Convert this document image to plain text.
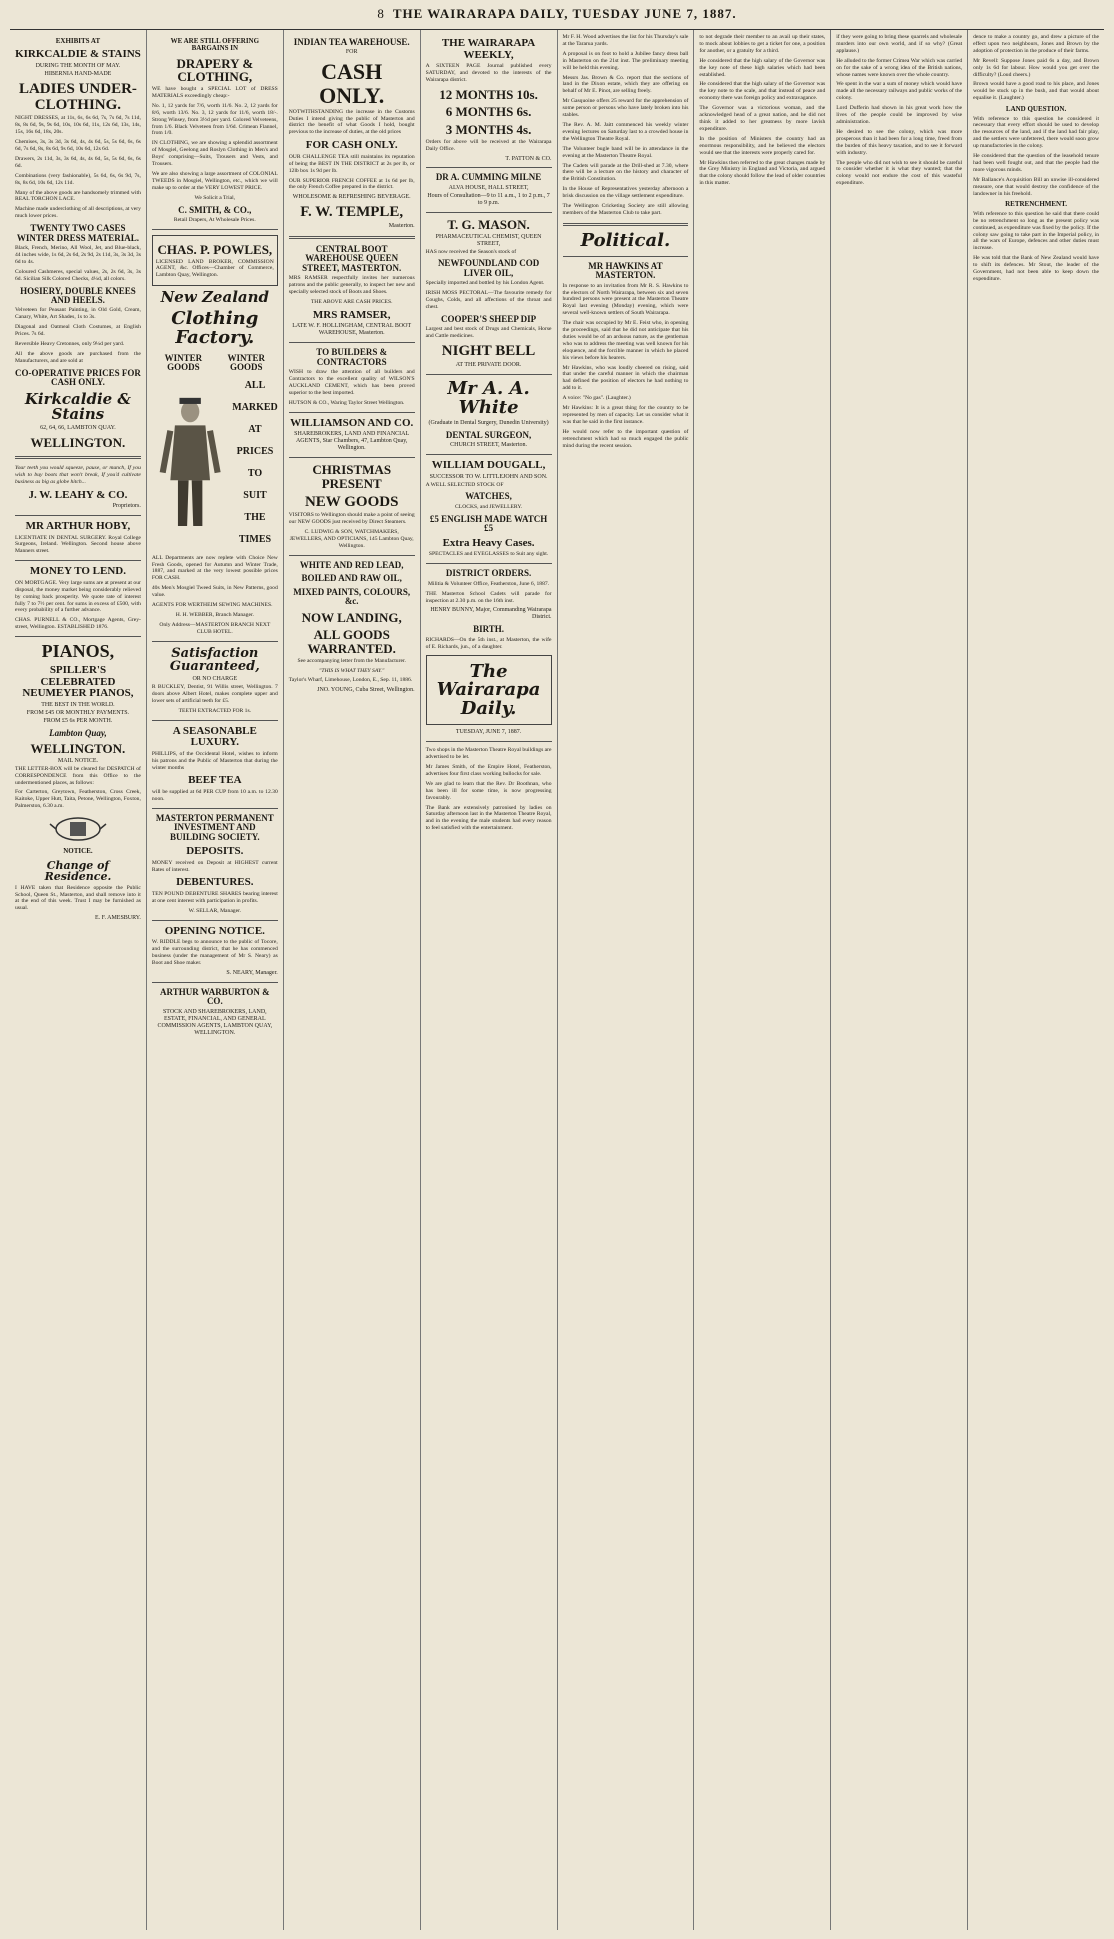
8 THE WAIRARAPA DAILY, TUESDAY JUNE 7, 1887.
EXHIBITS AT
KIRKCALDIE & STAINS
DURING THE MONTH OF MAY.
HIBERNIA HAND-MADE
LADIES UNDER-CLOTHING.

NIGHT DRESSES, at 11s, 6s, 6s 6d, 7s, 7s 6d, 7s 11d, 8s, 8s 6d, 9s, 9s 6d, 10s, 10s 6d, 11s, 12s 6d, 13s, 14s, 15s, 16s 6d, 18s, 20s.

Chemises, 3s, 3s 3d, 3s 6d, 4s, 4s 6d, 5s, 5s 6d, 6s, 6s 6d, 7s 6d, 8s, 8s 6d, 9s 6d, 10s 6d, 12s 6d.

Drawers, 2s 11d, 3s, 3s 6d, 4s, 4s 6d, 5s, 5s 6d, 6s, 6s 6d.

Combinations (very fashionable), 5s 6d, 6s, 6s 9d, 7s, 8s, 8s 6d, 10s 6d, 12s 11d.

Many of the above goods are handsomely trimmed with REAL TORCHON LACE.

Machine made underclothing of all descriptions, at very much lower prices.

TWENTY TWO CASES WINTER DRESS MATERIAL.

Black, French, Merino, All Wool, Jet, and Blue-black, 44 inches wide, 1s 6d, 2s 6d, 2s 9d, 2s 11d, 3s, 3s 3d, 3s 6d to 4s.

Coloured Cashmeres, special values, 2s, 2s 6d, 3s, 3s 6d. Sicilian Silk Colored Checks, 4¼d, all colors.

HOSIERY, DOUBLE KNEES AND HEELS.

Velveteen for Peasant Painting, in Old Gold, Cream, Canary, White, Art Shades, 1s to 3s.

Diagonal and Oatmeal Cloth Costumes, at English Prices. 7s 6d.

Reversible Heavy Cretonnes, only 9¼d per yard.

All the above goods are purchased from the Manufacturers, and are sold at

CO-OPERATIVE PRICES FOR CASH ONLY.
Kirkcaldie & Stains
62, 64, 66, LAMBTON QUAY.
WELLINGTON.

Your teeth you would squeeze, pause, or munch, If you wish to buy boots that won't break, If you'd cultivate business as big as globe hitch...

J. W. LEAHY & CO.
Proprietors.
MR ARTHUR HOBY,

LICENTIATE IN DENTAL SURGERY. Royal College Surgeons, Ireland. Wellington. Second house above Manners street.

MONEY TO LEND.

ON MORTGAGE. Very large sums are at present at our disposal, the money market being considerably relieved by coming back prosperity. We quote rate of interest fully 7 to 7½ per cent. for sums in excess of £500, with every probability of a further advance.

CHAS. PURNELL & CO., Mortgage Agents, Grey-street, Wellington. ESTABLISHED 1876.

PIANOS,
SPILLER'S CELEBRATED NEUMEYER PIANOS,
THE BEST IN THE WORLD.
FROM £45 OR MONTHLY PAYMENTS.
FROM £5 6s PER MONTH.
Lambton Quay,
WELLINGTON.
MAIL NOTICE.

THE LETTER-BOX will be cleared for DESPATCH of CORRESPONDENCE from this Office to the undermentioned places, as follows:

For Carterton, Greytown, Featherston, Cross Creek, Kaitoke, Upper Hutt, Taita, Petone, Wellington, Foxton, Palmerston, 6.30 a.m.

NOTICE.
Change of Residence.

I HAVE taken that Residence opposite the Public School, Queen St., Masterton, and shall remove into it at the end of this week. Trust I may be furnished as usual.

E. F. AMESBURY.
WE ARE STILL OFFERING BARGAINS IN
DRAPERY & CLOTHING,

WE have bought a SPECIAL LOT of DRESS MATERIALS exceedingly cheap:-

No. 1, 12 yards for 7/6, worth 11/6. No. 2, 12 yards for 8/6, worth 13/6. No. 3, 12 yards for 11/6, worth 18/-. Strong Winsey, from 3½d per yard. Colored Velveteens, from 1/6. Black Velveteen from 1/6d. Crimean Flannel, from 1/0.

IN CLOTHING, we are showing a splendid assortment of Mosgiel, Geelong and Roslyn Clothing in Men's and Boys' comprising—Suits, Trousers and Vests, and Trousers.

We are also showing a large assortment of COLONIAL TWEEDS in Mosgiel, Wellington, etc., which we will make up to order at the VERY LOWEST PRICE.

We Solicit a Trial,
C. SMITH, & CO.,
Retail Drapers, At Wholesale Prices.
CHAS. P. POWLES,

LICENSED LAND BROKER, COMMISSION AGENT, &c. Offices—Chamber of Commerce, Lambton Quay, Wellington.

New Zealand
Clothing Factory.
WINTER GOODS
WINTER GOODS
ALL
MARKED
AT
PRICES
TO
SUIT THE
TIMES

ALL Departments are now replete with Choice New Fresh Goods, opened for Autumn and Winter Trade, 1887, and marked at the very lowest possible prices FOR CASH.

40s Men's Mosgiel Tweed Suits, in New Patterns, good value.

AGENTS FOR WERTHEIM SEWING MACHINES.

H. H. WEBBER, Branch Manager.

Only Address—MASTERTON BRANCH NEXT CLUB HOTEL.

Satisfaction Guaranteed,
OR NO CHARGE

R BUCKLEY, Dentist, 91 Willis street, Wellington. 7 doors above Albert Hotel, makes complete upper and lower sets of artificial teeth for £5.

TEETH EXTRACTED FOR 1s.

A SEASONABLE LUXURY.

PHILLIPS, of the Occidental Hotel, wishes to inform his patrons and the Public of Masterton that during the winter months

BEEF TEA

will be supplied at 6d PER CUP from 10 a.m. to 12.30 noon.

MASTERTON PERMANENT INVESTMENT AND BUILDING SOCIETY.
DEPOSITS.

MONEY received on Deposit at HIGHEST current Rates of interest.

DEBENTURES.

TEN POUND DEBENTURE SHARES bearing interest at one cent interest with participation in profits.

W. SELLAR, Manager.

OPENING NOTICE.

W. RIDDLE begs to announce to the public of Tocore, and the surrounding district, that he has commenced business (under the management of Mr S. Neary) as Boot and Shoe maker.

S. NEARY, Manager.

ARTHUR WARBURTON & CO.
STOCK AND SHAREBROKERS, LAND, ESTATE, FINANCIAL, AND GENERAL COMMISSION AGENTS, LAMBTON QUAY, WELLINGTON.
INDIAN TEA WAREHOUSE.
FOR
CASH ONLY.

NOTWITHSTANDING the increase in the Customs Duties I intend giving the public of Masterton and district the benefit of what Goods I hold, bought previous to the increase of duties, at the old prices

FOR CASH ONLY.

OUR CHALLENGE TEA still maintains its reputation of being the BEST IN THE DISTRICT at 2s per lb, or 12lb box 1s 9d per lb.

OUR SUPERIOR FRENCH COFFEE at 1s 6d per lb, the only French Coffee prepared in the district.

WHOLESOME & REFRESHING BEVERAGE.
F. W. TEMPLE,
Masterton.
CENTRAL BOOT WAREHOUSE QUEEN STREET, MASTERTON.

MRS RAMSER respectfully invites her numerous patrons and the public generally, to inspect her new and specially selected stock of Boots and Shoes.

THE ABOVE ARE CASH PRICES.

MRS RAMSER,
LATE W. F. HOLLINGHAM, CENTRAL BOOT WAREHOUSE, Masterton.
TO BUILDERS & CONTRACTORS

WISH to draw the attention of all builders and Contractors to the excellent quality of WILSON'S AUCKLAND CEMENT, which has been proved superior to the best imported.

HUTSON & CO., Waring Taylor Street Wellington.

WILLIAMSON AND CO.
SHAREBROKERS, LAND AND FINANCIAL AGENTS, Star Chambers, 47, Lambton Quay, Wellington.
CHRISTMAS PRESENT
NEW GOODS

VISITORS to Wellington should make a point of seeing our NEW GOODS just received by Direct Steamers.

C. LUDWIG & SON, WATCHMAKERS, JEWELLERS, AND OPTICIANS, 145 Lambton Quay, Wellington.

WHITE AND RED LEAD,
BOILED AND RAW OIL,
MIXED PAINTS, COLOURS, &c.
NOW LANDING,
ALL GOODS WARRANTED.

See accompanying letter from the Manufacturer.

"THIS IS WHAT THEY SAY."

Taylor's Wharf, Limehouse, London, E., Sep. 11, 1886.

JNO. YOUNG, Cuba Street, Wellington.

THE WAIRARAPA WEEKLY,

A SIXTEEN PAGE Journal published every SATURDAY, and devoted to the interests of the Wairarapa district.

12 MONTHS 10s.
6 MONTHS 6s.
3 MONTHS 4s.

Orders for above will be received at the Wairarapa Daily Office.

T. PATTON & CO.

DR A. CUMMING MILNE
ALVA HOUSE, HALL STREET,
Hours of Consultation—9 to 11 a.m., 1 to 2 p.m., 7 to 9 p.m.
T. G. MASON.
PHARMACEUTICAL CHEMIST, QUEEN STREET,

HAS now received the Season's stock of

NEWFOUNDLAND COD LIVER OIL,

Specially imported and bottled by his London Agent.

IRISH MOSS PECTORAL—The favourite remedy for Coughs, Colds, and all affections of the throat and chest.

COOPER'S SHEEP DIP

Largest and best stock of Drugs and Chemicals, Horse and Cattle medicines.

NIGHT BELL
AT THE PRIVATE DOOR.
Mr A. A. White
(Graduate in Dental Surgery, Dunedin University)
DENTAL SURGEON,
CHURCH STREET, Masterton.
WILLIAM DOUGALL,
SUCCESSOR TO W. LITTLEJOHN AND SON.

A WELL SELECTED STOCK OF

WATCHES,

CLOCKS, and JEWELLERY.

£5 ENGLISH MADE WATCH £5
Extra Heavy Cases.

SPECTACLES and EYEGLASSES to Suit any sight.

DISTRICT ORDERS.

Militia & Volunteer Office, Featherston, June 6, 1887.

THE Masterton School Cadets will parade for inspection at 2.30 p.m. on the 16th inst.

HENRY BUNNY, Major, Commanding Wairarapa District.

BIRTH.

RICHARDS—On the 5th inst., at Masterton, the wife of E. Richards, jun., of a daughter.

The Wairarapa Daily.
TUESDAY, JUNE 7, 1887.

Two shops in the Masterton Theatre Royal buildings are advertised to be let.

Mr James Smith, of the Empire Hotel, Featherston, advertises four first class working bullocks for sale.

We are glad to learn that the Rev. Dr Boothnan, who has been ill for some time, is now progressing favourably.

The Bank are extensively patronised by ladies on Saturday afternoon last in the Masterton Theatre Royal, and in the evening the male students had every reason to feel satisfied with the entertainment.

Mr F. H. Wood advertises the list for his Thursday's sale at the Tararua yards.

A proposal is on foot to hold a Jubilee fancy dress ball in Masterton on the 21st inst. The preliminary meeting will be held this evening.

Messrs Jas. Brown & Co. report that the sections of land in the Dixon estate, which they are offering on behalf of Mr E. Pinot, are selling freely.

Mr Gasquoine offers 25 reward for the apprehension of some person or persons who have lately broken into his stables.

The Rev. A. M. Jaitt commenced his weekly winter evening lectures on Saturday last to a crowded house in the Wellington Theatre Royal.

The Volunteer bugle band will be in attendance in the evening at the Masterton Theatre Royal.

The Cadets will parade at the Drill-shed at 7.30, where there will be a lecture on the history and character of the British Constitution.

In the House of Representatives yesterday afternoon a brisk discussion on the village settlement expenditure.

The Wellington Cricketing Society are still allowing members of the Masterton Club to take part.

Political.
MR HAWKINS AT MASTERTON.

In response to an invitation from Mr R. S. Hawkins to the electors of North Wairarapa, between six and seven hundred persons were present at the Masterton Theatre Royal last evening (Monday) evening, which were several well-known settlers of South Wairarapa.

The chair was occupied by Mr E. Feist who, in opening the proceedings, said that he did not anticipate that his duties would be of an arduous nature, as the gentleman who was to address the meeting was well known for his eloquence, and the forcible manner in which he placed his views before his hearers.

Mr Hawkins, who was loudly cheered on rising, said that under the careful manner in which the chairman had defined the position of electors he had nothing to add to it.

A voice: "No gas". (Laughter.)

Mr Hawkins: It is a great thing for the country to be represented by men of capacity. Let us consider what it was that he said in the first instance.

He would now refer to the important question of retrenchment which had so much engaged the public mind during the recent session.

to not degrade their member to an avail up their states, to mock about lobbies to get a ticket for one, a position for another, or a gratuity for a third.

He considered that the high salary of the Governor was the key note of these high salaries which had been established.

He considered that the high salary of the Governor was the key note to the scale, and that instead of peace and economy there was foreign policy and extravagance.

The Governor was a victorious woman, and the acknowledged head of a great nation, and he did not think it added to her greatness by more lavish expenditure.

In the position of Ministers the country had an enormous responsibility, and he believed the electors would see that the interests were properly cared for.

Mr Hawkins then referred to the great changes made by the Grey Ministry in England and Victoria, and argued that the colony should follow the lead of older countries in this matter.

if they were going to bring these quarrels and wholesale murders into our own world, and if so why? (Great applause.)

He alluded to the former Crimea War which was carried on for the sake of a wrong idea of the British nations, whose names were known over the whole country.

We spent in the war a sum of money which would have made all the necessary railways and public works of the colony.

Lord Dufferin had shown in his great work how the lives of the people could be improved by wise administration.

He desired to see the colony, which was more prosperous than it had been for a long time, freed from the burden of this heavy taxation, and to see it forward with industry.

The people who did not wish to see it should be careful to consider whether it is what they wanted; that the colony would not endure the cost of this wasteful expenditure.

dence to make a country go, and drew a picture of the effect upon two neighbours, Jones and Brown by the adoption of protection in the produce of their farms.

Mr Revell: Suppose Jones paid 6s a day, and Brown only 1s 6d for labour. How would you get over the difficulty? (Loud cheers.)

Brown would have a good road to his place, and Jones would be stuck up in the bush, and that would about equalise it. (Laughter.)

LAND QUESTION.

With reference to this question he considered it necessary that every effort should be used to develop the resources of the land, and if the land had fair play, and the settlers were unfettered, there would soon grow up manufactories in the colony.

He considered that the question of the leasehold tenure had been well fought out, and that the people had the more vigorous minds.

Mr Ballance's Acquisition Bill an unwise ill-considered measure, one that would destroy the confidence of the landowner in his freehold.

RETRENCHMENT.

With reference to this question he said that there could be no retrenchment so long as the present policy was continued, as expenditure was fixed by the policy. If the colony saw going to take part in the Imperial policy, in all the wars of Europe, defences and other duties must increase.

He was told that the Bank of New Zealand would have to shift its defences. Mr Stout, the leader of the Government, had not been able to keep down the expenditure.
